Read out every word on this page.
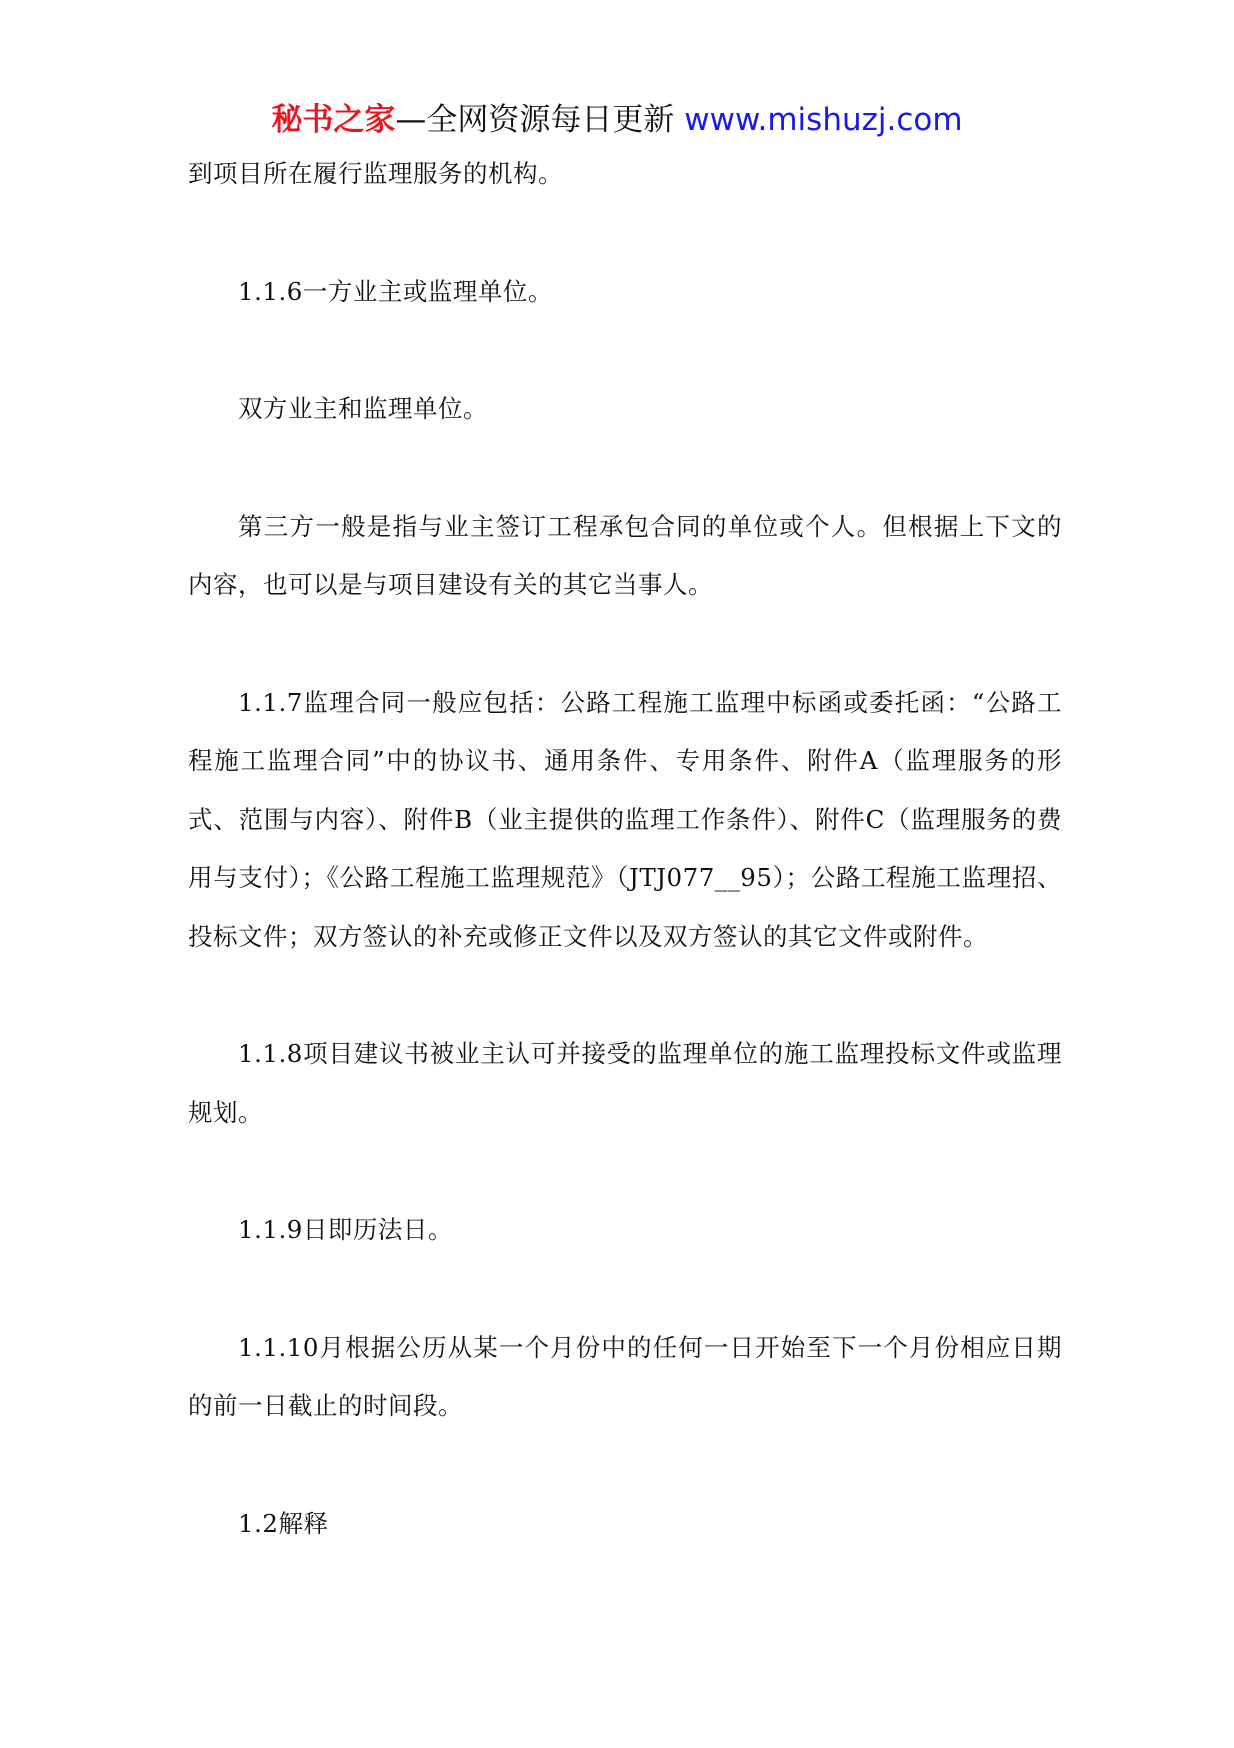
秘书之家—全网资源每日更新 www.mishuzj.com

到项目所在履行监理服务的机构。

1.1.6一方业主或监理单位。

双方业主和监理单位。

第三方一般是指与业主签订工程承包合同的单位或个人。但根据上下文的内容，也可以是与项目建设有关的其它当事人。

1.1.7监理合同一般应包括：公路工程施工监理中标函或委托函：“公路工程施工监理合同”中的协议书、通用条件、专用条件、附件A（监理服务的形式、范围与内容）、附件B（业主提供的监理工作条件）、附件C（监理服务的费用与支付）；《公路工程施工监理规范》（JTJ077__95）；公路工程施工监理招、投标文件；双方签认的补充或修正文件以及双方签认的其它文件或附件。

1.1.8项目建议书被业主认可并接受的监理单位的施工监理投标文件或监理规划。

1.1.9日即历法日。

1.1.10月根据公历从某一个月份中的任何一日开始至下一个月份相应日期的前一日截止的时间段。

1.2解释
